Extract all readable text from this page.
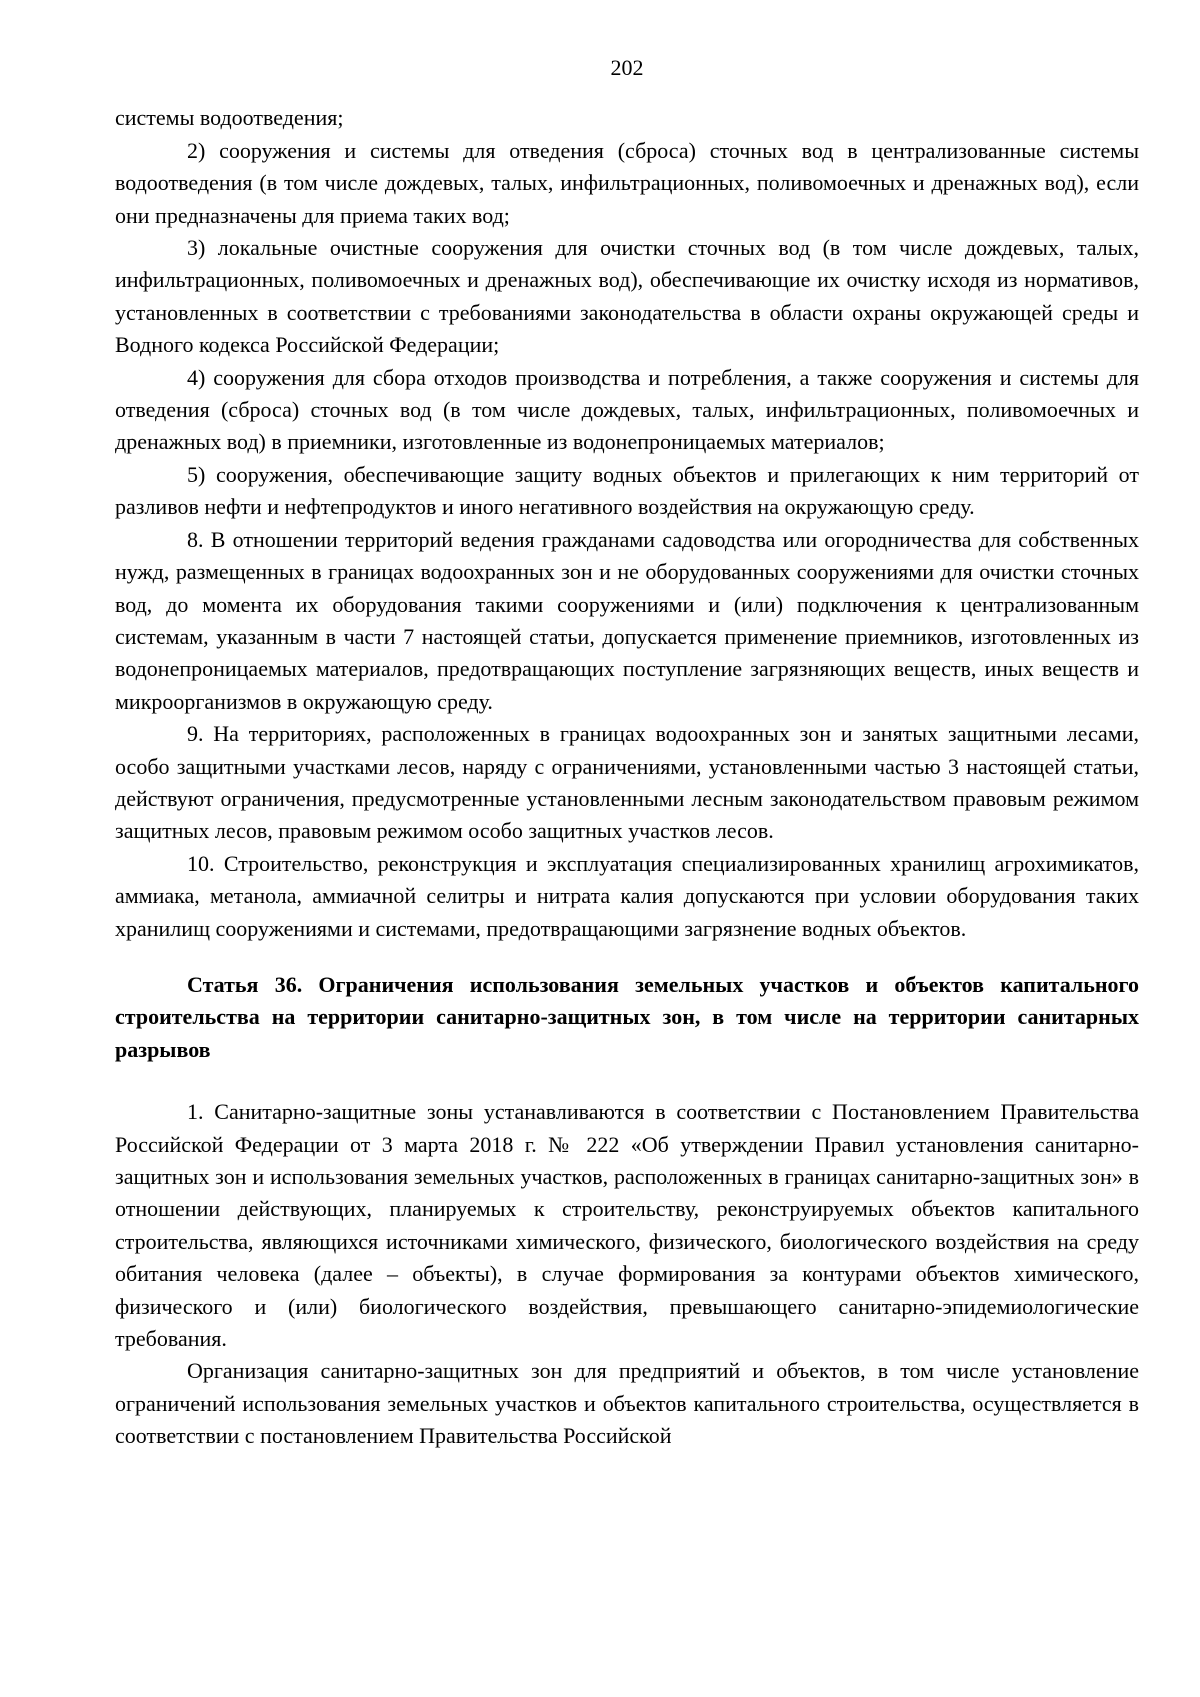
202

системы водоотведения;

2) сооружения и системы для отведения (сброса) сточных вод в централизованные системы водоотведения (в том числе дождевых, талых, инфильтрационных, поливомоечных и дренажных вод), если они предназначены для приема таких вод;

3) локальные очистные сооружения для очистки сточных вод (в том числе дождевых, талых, инфильтрационных, поливомоечных и дренажных вод), обеспечивающие их очистку исходя из нормативов, установленных в соответствии с требованиями законодательства в области охраны окружающей среды и Водного кодекса Российской Федерации;

4) сооружения для сбора отходов производства и потребления, а также сооружения и системы для отведения (сброса) сточных вод (в том числе дождевых, талых, инфильтрационных, поливомоечных и дренажных вод) в приемники, изготовленные из водонепроницаемых материалов;

5) сооружения, обеспечивающие защиту водных объектов и прилегающих к ним территорий от разливов нефти и нефтепродуктов и иного негативного воздействия на окружающую среду.

8. В отношении территорий ведения гражданами садоводства или огородничества для собственных нужд, размещенных в границах водоохранных зон и не оборудованных сооружениями для очистки сточных вод, до момента их оборудования такими сооружениями и (или) подключения к централизованным системам, указанным в части 7 настоящей статьи, допускается применение приемников, изготовленных из водонепроницаемых материалов, предотвращающих поступление загрязняющих веществ, иных веществ и микроорганизмов в окружающую среду.

9. На территориях, расположенных в границах водоохранных зон и занятых защитными лесами, особо защитными участками лесов, наряду с ограничениями, установленными частью 3 настоящей статьи, действуют ограничения, предусмотренные установленными лесным законодательством правовым режимом защитных лесов, правовым режимом особо защитных участков лесов.

10. Строительство, реконструкция и эксплуатация специализированных хранилищ агрохимикатов, аммиака, метанола, аммиачной селитры и нитрата калия допускаются при условии оборудования таких хранилищ сооружениями и системами, предотвращающими загрязнение водных объектов.

Статья 36. Ограничения использования земельных участков и объектов капитального строительства на территории санитарно-защитных зон, в том числе на территории санитарных разрывов

1. Санитарно-защитные зоны устанавливаются в соответствии с Постановлением Правительства Российской Федерации от 3 марта 2018 г. № 222 «Об утверждении Правил установления санитарно-защитных зон и использования земельных участков, расположенных в границах санитарно-защитных зон» в отношении действующих, планируемых к строительству, реконструируемых объектов капитального строительства, являющихся источниками химического, физического, биологического воздействия на среду обитания человека (далее – объекты), в случае формирования за контурами объектов химического, физического и (или) биологического воздействия, превышающего санитарно-эпидемиологические требования.

Организация санитарно-защитных зон для предприятий и объектов, в том числе установление ограничений использования земельных участков и объектов капитального строительства, осуществляется в соответствии с постановлением Правительства Российской
